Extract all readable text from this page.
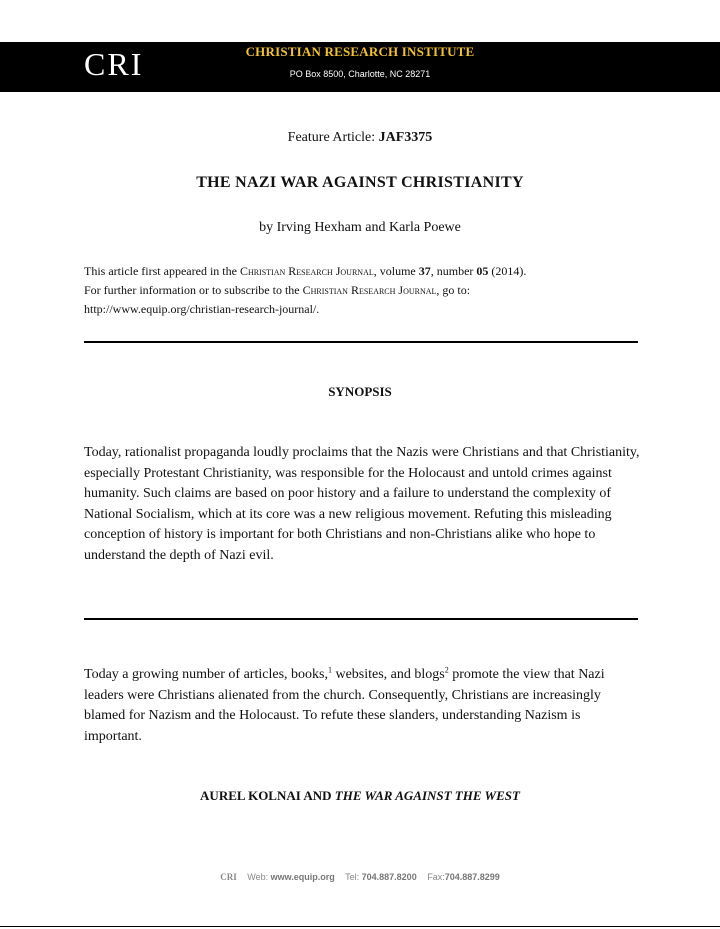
CRI	CHRISTIAN RESEARCH INSTITUTE
PO Box 8500, Charlotte, NC 28271
Feature Article: JAF3375
THE NAZI WAR AGAINST CHRISTIANITY
by Irving Hexham and Karla Poewe
This article first appeared in the Christian Research Journal, volume 37, number 05 (2014).
For further information or to subscribe to the Christian Research Journal, go to:
http://www.equip.org/christian-research-journal/.
SYNOPSIS
Today, rationalist propaganda loudly proclaims that the Nazis were Christians and that Christianity, especially Protestant Christianity, was responsible for the Holocaust and untold crimes against humanity. Such claims are based on poor history and a failure to understand the complexity of National Socialism, which at its core was a new religious movement. Refuting this misleading conception of history is important for both Christians and non-Christians alike who hope to understand the depth of Nazi evil.
Today a growing number of articles, books,$^1$ websites, and blogs$^2$ promote the view that Nazi leaders were Christians alienated from the church. Consequently, Christians are increasingly blamed for Nazism and the Holocaust. To refute these slanders, understanding Nazism is important.
AUREL KOLNAI AND THE WAR AGAINST THE WEST
CRI Web: www.equip.org Tel: 704.887.8200 Fax:704.887.8299
